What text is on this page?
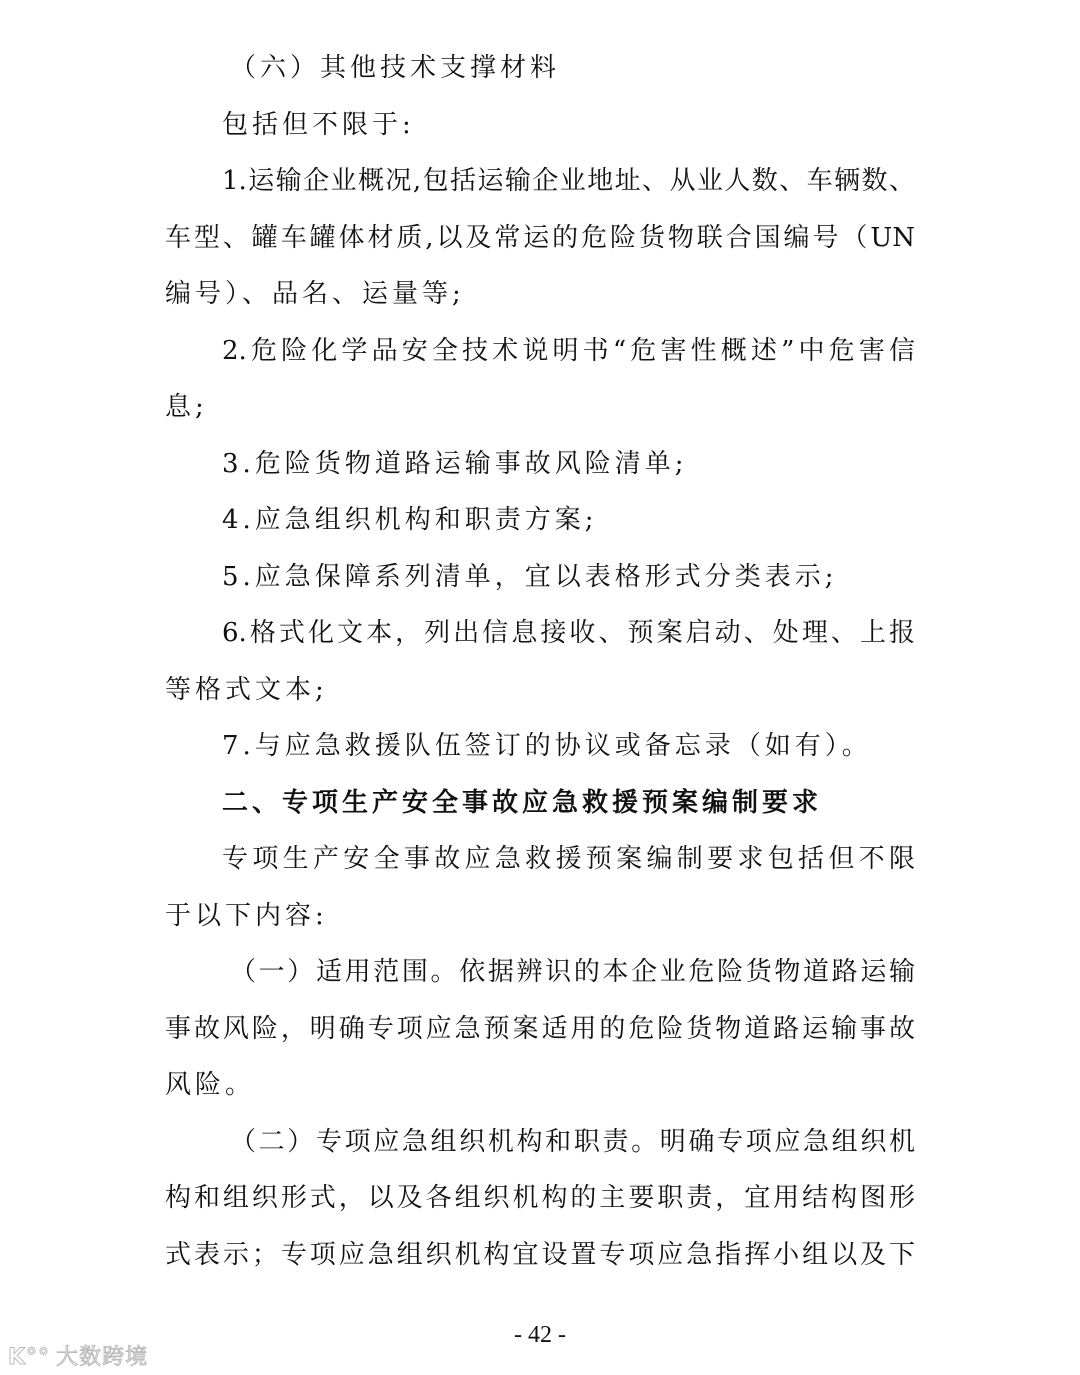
（六）其他技术支撑材料
包括但不限于:
1.运输企业概况,包括运输企业地址、从业人数、车辆数、
车型、罐车罐体材质,以及常运的危险货物联合国编号（UN
编号）、品名、运量等;
2.危险化学品安全技术说明书“危害性概述”中危害信
息;
3.危险货物道路运输事故风险清单;
4.应急组织机构和职责方案;
5.应急保障系列清单，宜以表格形式分类表示;
6.格式化文本，列出信息接收、预案启动、处理、上报
等格式文本;
7.与应急救援队伍签订的协议或备忘录（如有）。
二、专项生产安全事故应急救援预案编制要求
专项生产安全事故应急救援预案编制要求包括但不限
于以下内容:
（一）适用范围。依据辨识的本企业危险货物道路运输
事故风险，明确专项应急预案适用的危险货物道路运输事故
风险。
（二）专项应急组织机构和职责。明确专项应急组织机
构和组织形式，以及各组织机构的主要职责，宜用结构图形
式表示；专项应急组织机构宜设置专项应急指挥小组以及下
- 42 -
K°° 大数跨境
